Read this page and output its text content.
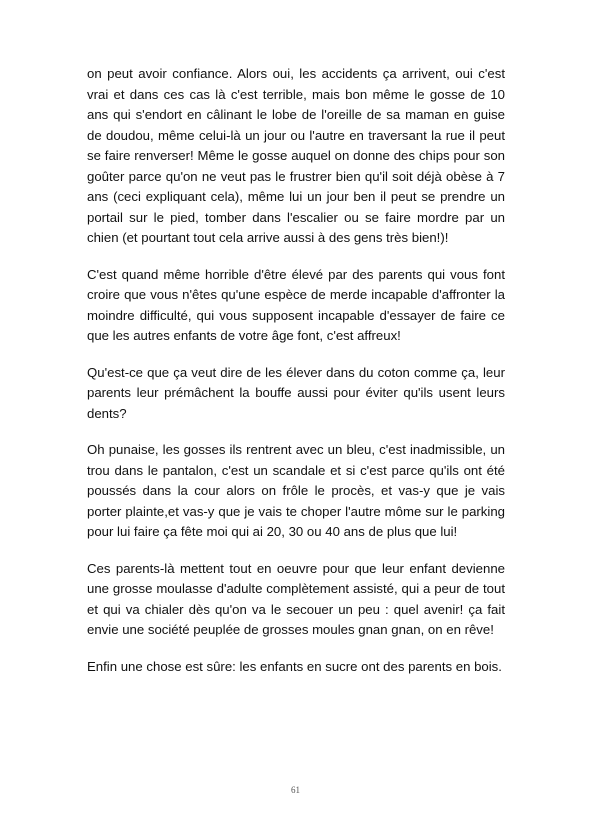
on peut avoir confiance. Alors oui, les accidents ça arrivent, oui c'est vrai et dans ces cas là c'est terrible, mais bon même le gosse de 10 ans qui s'endort en câlinant le lobe de l'oreille de sa maman en guise de doudou, même celui-là un jour ou l'autre en traversant la rue il peut se faire renverser! Même le gosse auquel on donne des chips pour son goûter parce qu'on ne veut pas le frustrer bien qu'il soit déjà obèse à 7 ans (ceci expliquant cela), même lui un jour ben il peut se prendre un portail sur le pied, tomber dans l'escalier ou se faire mordre par un chien (et pourtant tout cela arrive aussi à des gens très bien!)!

C'est quand même horrible d'être élevé par des parents qui vous font croire que vous n'êtes qu'une espèce de merde incapable d'affronter la moindre difficulté, qui vous supposent incapable d'essayer de faire ce que les autres enfants de votre âge font, c'est affreux!

Qu'est-ce que ça veut dire de les élever dans du coton comme ça, leur parents leur prémâchent la bouffe aussi pour éviter qu'ils usent leurs dents?

Oh punaise, les gosses ils rentrent avec un bleu, c'est inadmissible, un trou dans le pantalon, c'est un scandale et si c'est parce qu'ils ont été poussés dans la cour alors on frôle le procès, et vas-y que je vais porter plainte,et vas-y que je vais te choper l'autre môme sur le parking pour lui faire ça fête moi qui ai 20, 30 ou 40 ans de plus que lui!

Ces parents-là mettent tout en oeuvre pour que leur enfant devienne une grosse moulasse d'adulte complètement assisté, qui a peur de tout et qui va chialer dès qu'on va le secouer un peu : quel avenir! ça fait envie une société peuplée de grosses moules gnan gnan, on en rêve!

Enfin une chose est sûre: les enfants en sucre ont des parents en bois.

61
